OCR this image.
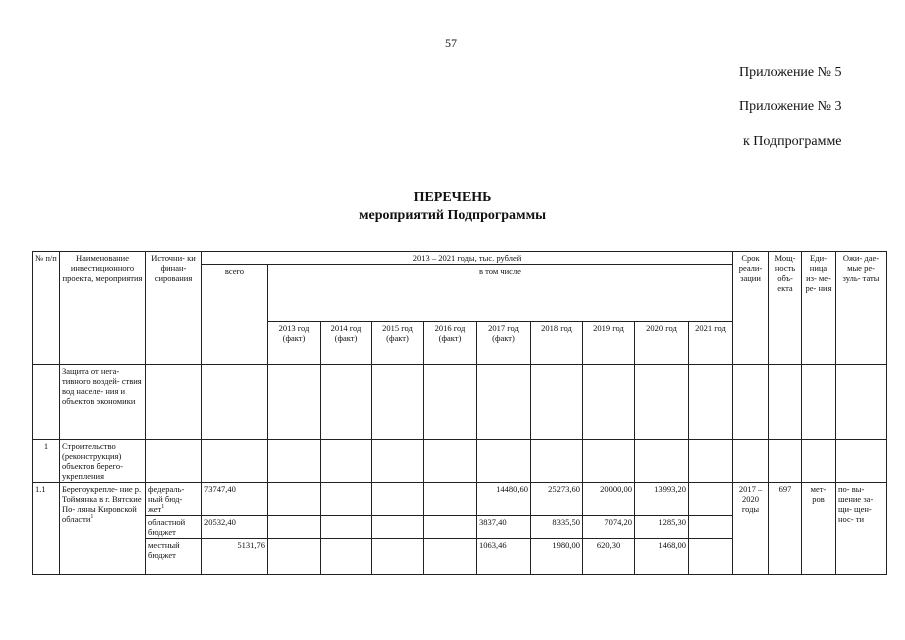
57
Приложение № 5
Приложение № 3
к Подпрограмме
ПЕРЕЧЕНЬ
мероприятий Подпрограммы
№ п/п	Наименование инвестиционного проекта, мероприятия	Источни- ки финан- сирования	2013 – 2021 годы, тыс. рублей										Срок реали- зации	Мощ- ность объ- екта	Еди- ница из- ме- ре- ния	Ожи- дае- мые ре- зуль- таты
			всего	в том числе												
				2013 год (факт)	2014 год (факт)	2015 год (факт)	2016 год (факт)	2017 год (факт)	2018 год	2019 год	2020 год	2021 год				
	Защита от нега- тивного воздей- ствия вод населе- ния и объектов экономики															
1	Строительство (реконструкция) объектов берего- укрепления															
1.1	Берегоукрепле- ние р. Тоймянка в г. Вятские По- ляны Кировской области$^1$	федераль- ный бюд- жет$^1$	73747,40					14480,60	25273,60	20000,00	13993,20		2017 – 2020 годы	697	мет- ров	по- вы- шение за- щи- щен- нос- ти
		областной бюджет	20532,40					3837,40	8335,50	7074,20	1285,30					
		местный бюджет	5131,76					1063,46	1980,00	620,30	1468,00					
